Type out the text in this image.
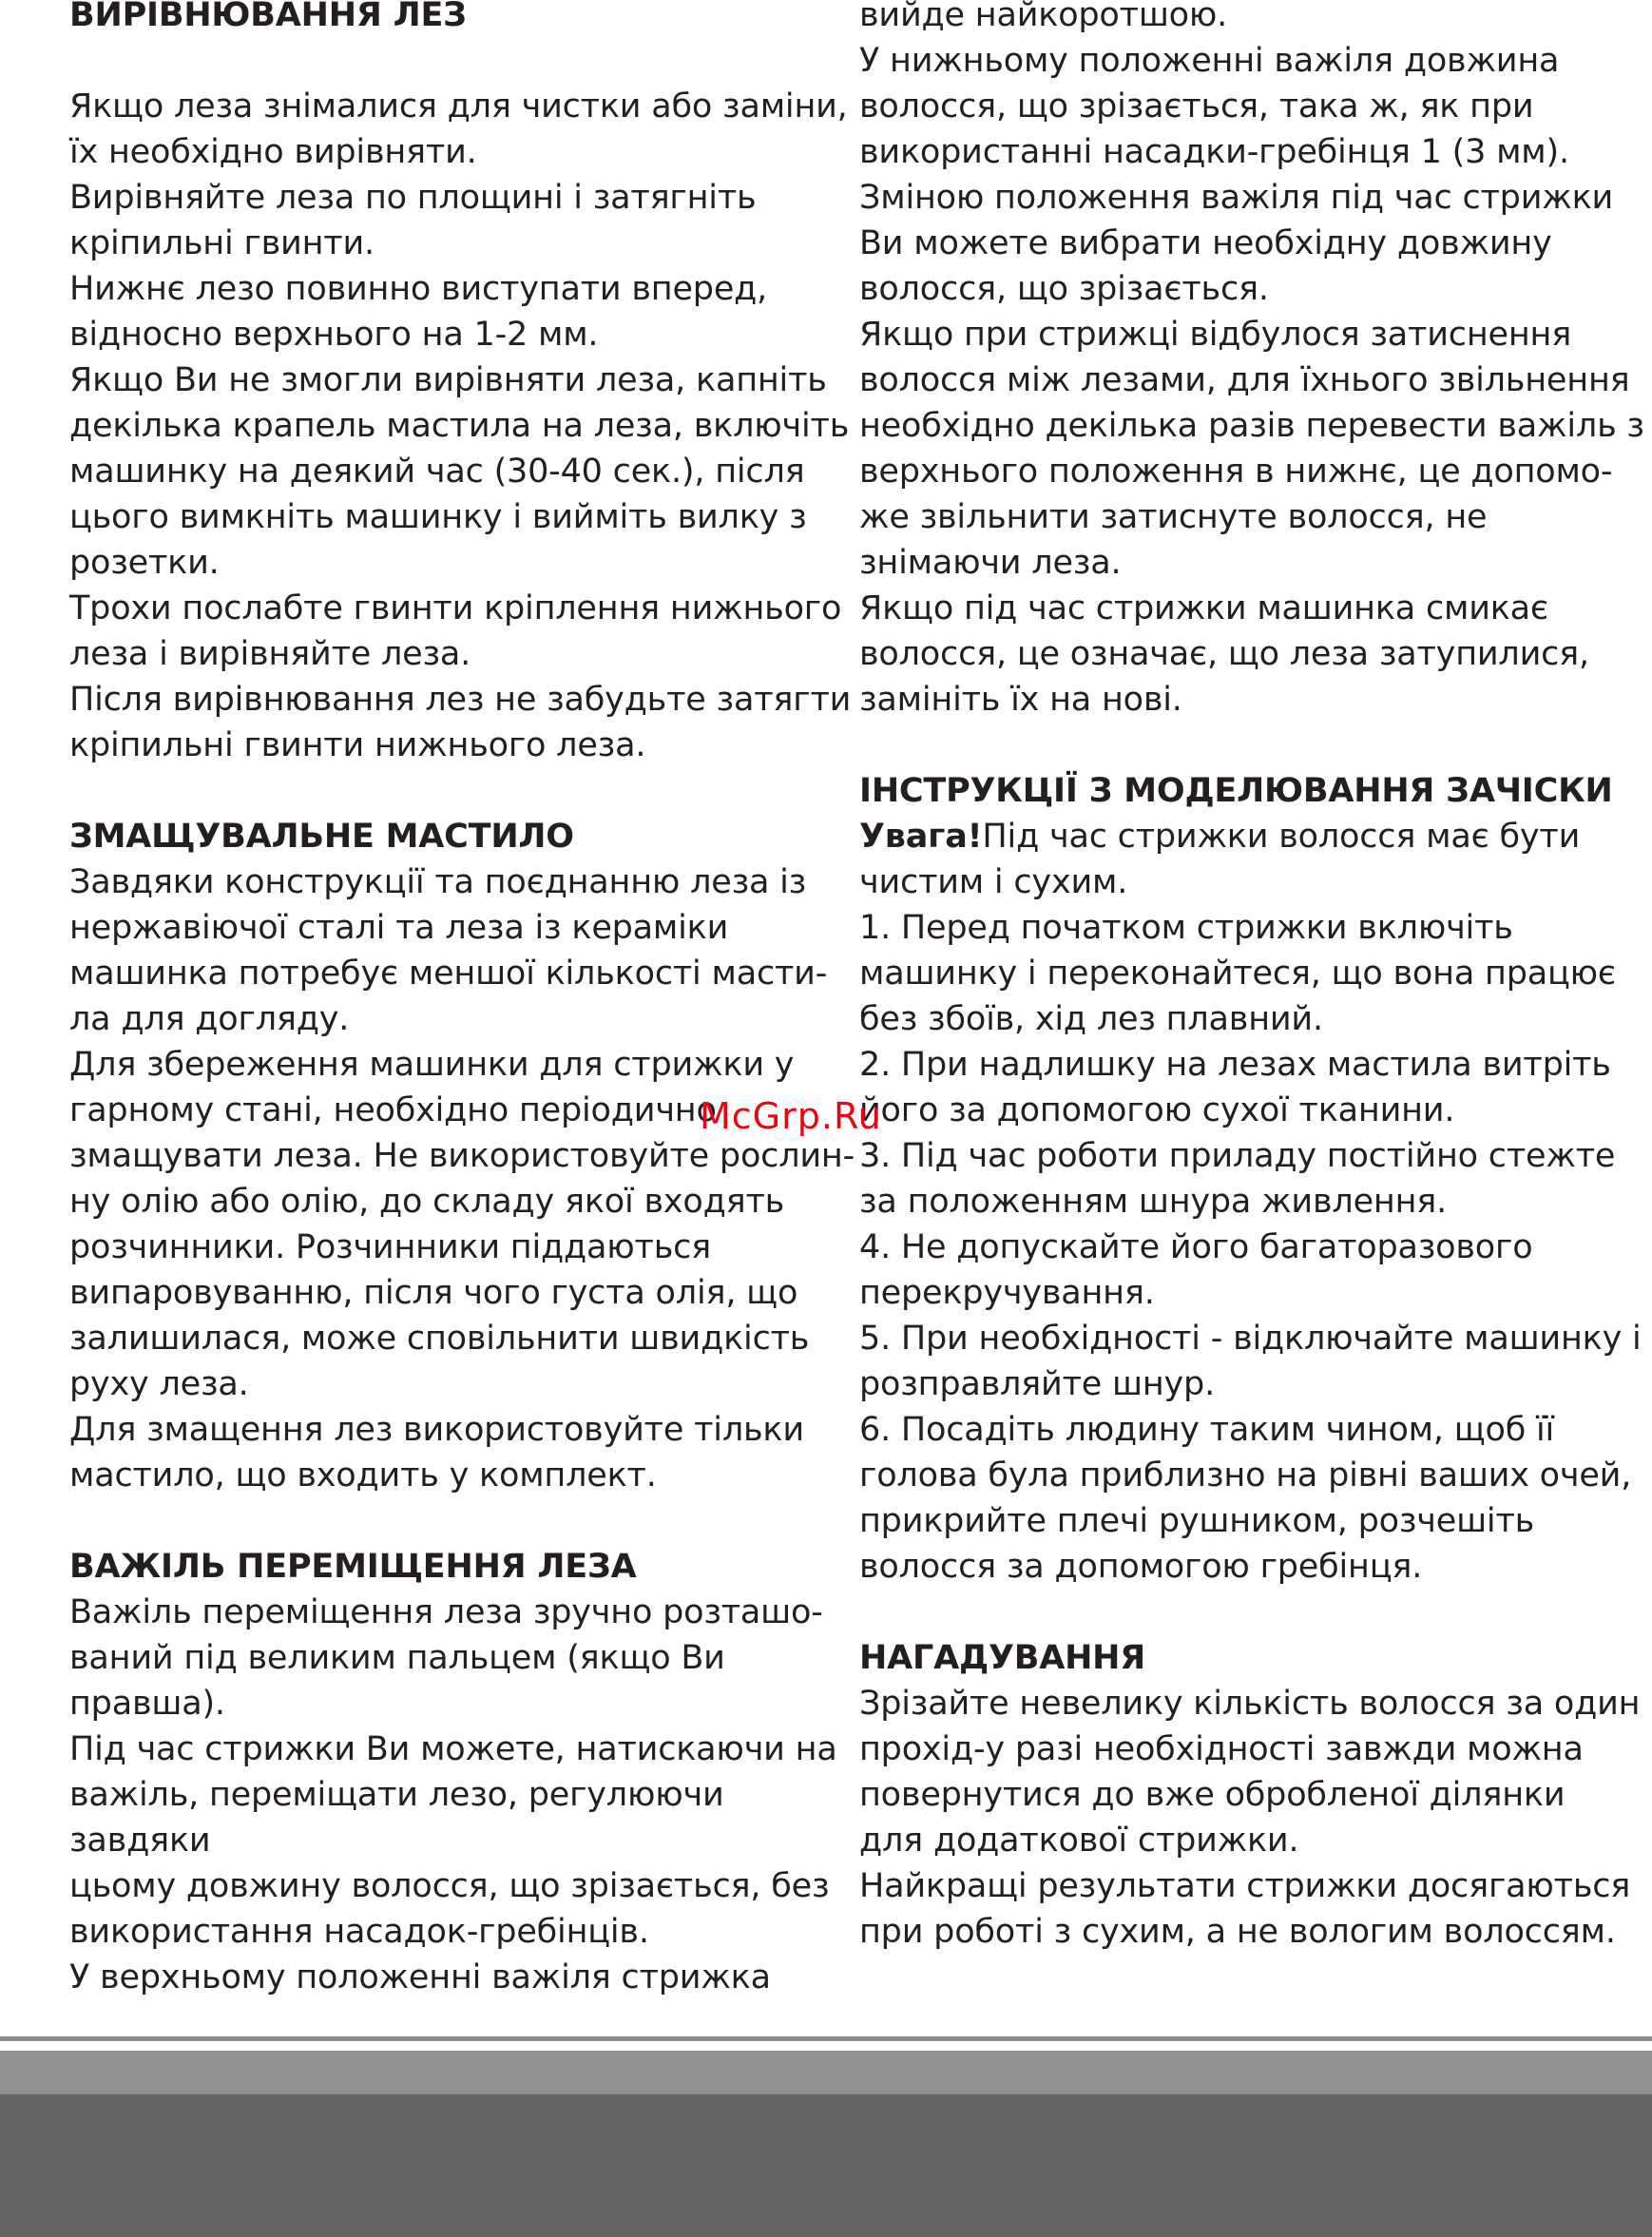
ВИРІВНЮВАННЯ ЛЕЗ
Якщо леза знімалися для чистки або заміни,
їх необхідно вирівняти.
Вирівняйте леза по площині і затягніть
кріпильні гвинти.
Нижнє лезо повинно виступати вперед,
відносно верхнього на 1-2 мм.
Якщо Ви не змогли вирівняти леза, капніть
декілька крапель мастила на леза, включіть
машинку на деякий час (30-40 сек.), після
цього вимкніть машинку і вийміть вилку з
розетки.
Трохи послабте гвинти кріплення нижнього
леза і вирівняйте леза.
Після вирівнювання лез не забудьте затягти
кріпильні гвинти нижнього леза.
ЗМАЩУВАЛЬНЕ МАСТИЛО
Завдяки конструкції та поєднанню леза із
нержавіючої сталі та леза із кераміки
машинка потребує меншої кількості масти-
ла для догляду.
Для збереження машинки для стрижки у
гарному стані, необхідно періодично
змащувати леза. Не використовуйте рослин-
ну олію або олію, до складу якої входять
розчинники. Розчинники піддаються
випаровуванню, після чого густа олія, що
залишилася, може сповільнити швидкість
руху леза.
Для змащення лез використовуйте тільки
мастило, що входить у комплект.
ВАЖІЛЬ ПЕРЕМІЩЕННЯ ЛЕЗА
Важіль переміщення леза зручно розташо-
ваний під великим пальцем (якщо Ви
правша).
Під час стрижки Ви можете, натискаючи на
важіль, переміщати лезо, регулюючи
завдяки
цьому довжину волосся, що зрізається, без
використання насадок-гребінців.
У верхньому положенні важіля стрижка
вийде найкоротшою.
У нижньому положенні важіля довжина
волосся, що зрізається, така ж, як при
використанні насадки-гребінця 1 (3 мм).
Зміною положення важіля під час стрижки
Ви можете вибрати необхідну довжину
волосся, що зрізається.
Якщо при стрижці відбулося затиснення
волосся між лезами, для їхнього звільнення
необхідно декілька разів перевести важіль з
верхнього положення в нижнє, це допомо-
же звільнити затиснуте волосся, не
знімаючи леза.
Якщо під час стрижки машинка смикає
волосся, це означає, що леза затупилися,
замініть їх на нові.
ІНСТРУКЦІЇ З МОДЕЛЮВАННЯ ЗАЧІСКИ
Увага!Під час стрижки волосся має бути
чистим і сухим.
1. Перед початком стрижки включіть
машинку і переконайтеся, що вона працює
без збоїв, хід лез плавний.
2. При надлишку на лезах мастила витріть
його за допомогою сухої тканини.
3. Під час роботи приладу постійно стежте
за положенням шнура живлення.
4. Не допускайте його багаторазового
перекручування.
5. При необхідності - відключайте машинку і
розправляйте шнур.
6. Посадіть людину таким чином, щоб її
голова була приблизно на рівні ваших очей,
прикрийте плечі рушником, розчешіть
волосся за допомогою гребінця.
НАГАДУВАННЯ
Зрізайте невелику кількість волосся за один
прохід-у разі необхідності завжди можна
повернутися до вже обробленої ділянки
для додаткової стрижки.
Найкращі результати стрижки досягаються
при роботі з сухим, а не вологим волоссям.
McGrp.Ru
